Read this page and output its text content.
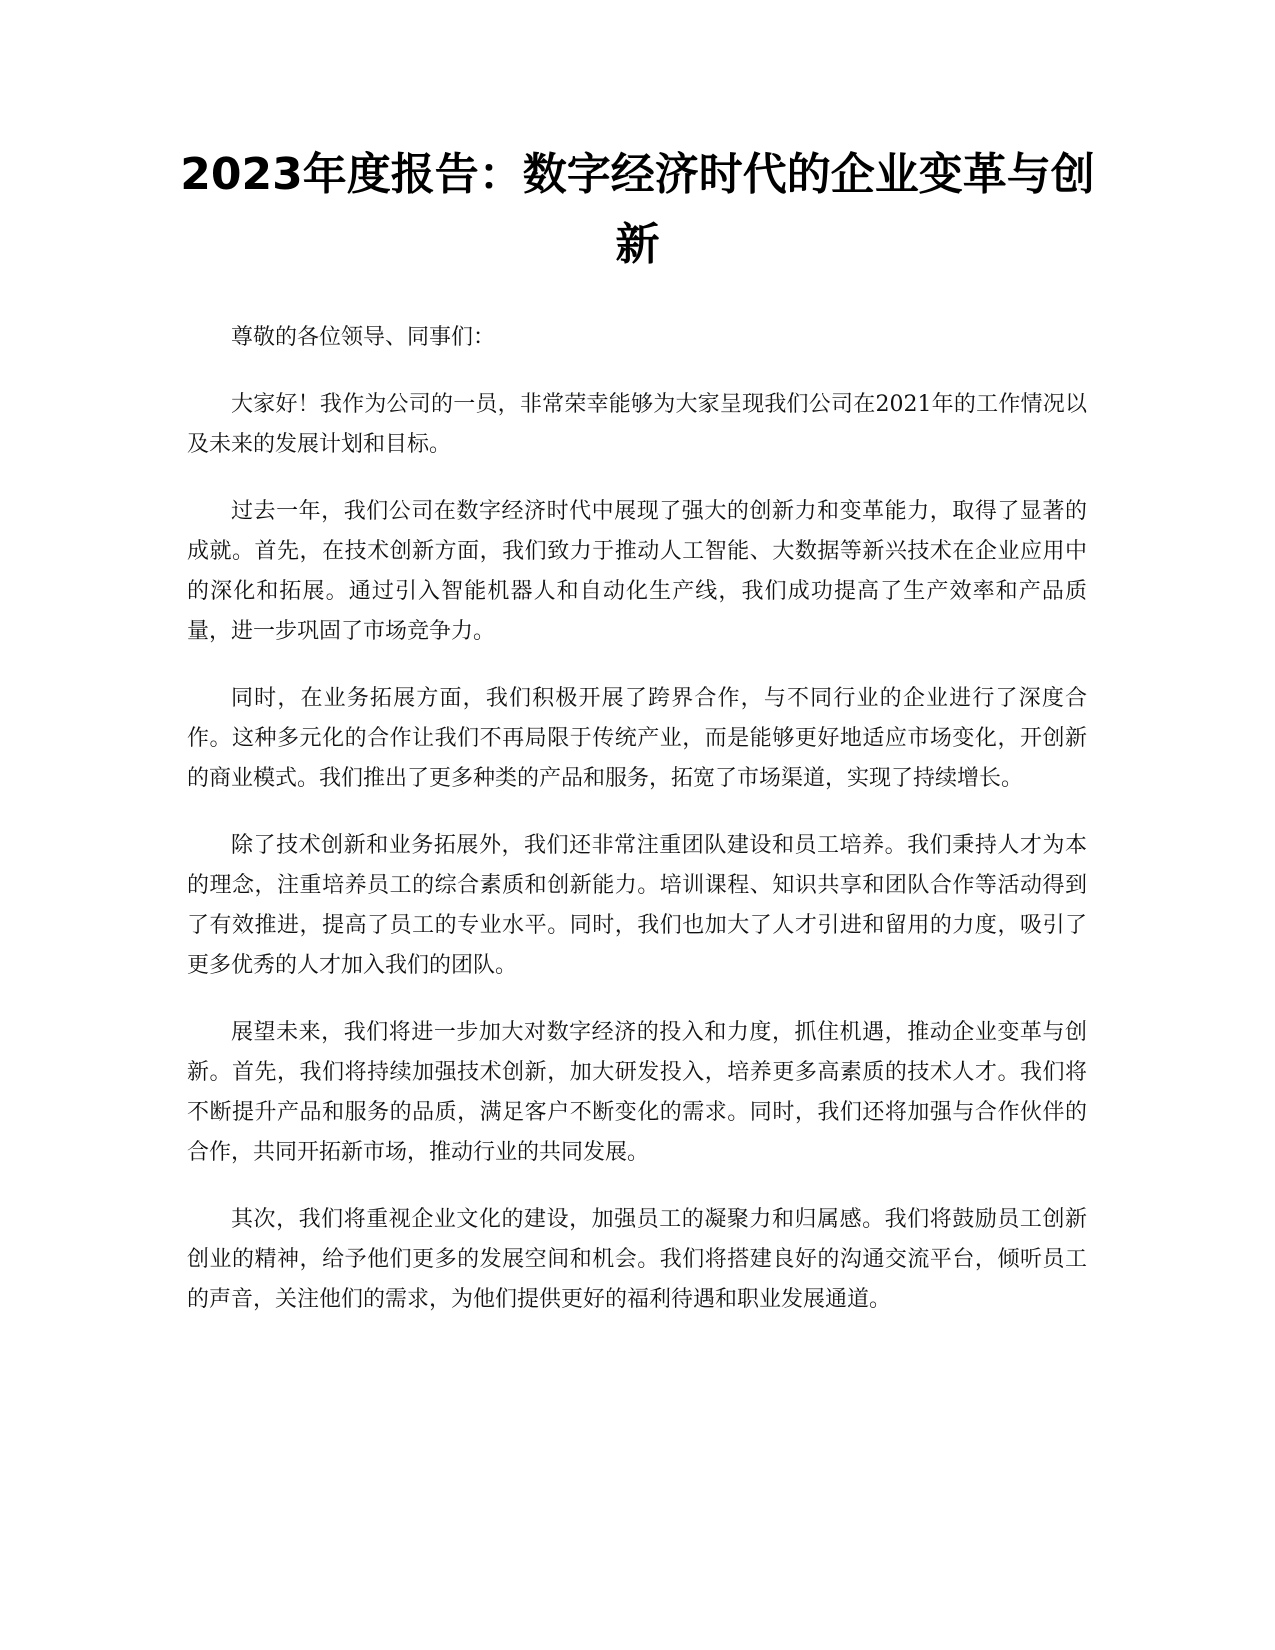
2023年度报告：数字经济时代的企业变革与创新

尊敬的各位领导、同事们：

大家好！我作为公司的一员，非常荣幸能够为大家呈现我们公司在2021年的工作情况以及未来的发展计划和目标。

过去一年，我们公司在数字经济时代中展现了强大的创新力和变革能力，取得了显著的成就。首先，在技术创新方面，我们致力于推动人工智能、大数据等新兴技术在企业应用中的深化和拓展。通过引入智能机器人和自动化生产线，我们成功提高了生产效率和产品质量，进一步巩固了市场竞争力。

同时，在业务拓展方面，我们积极开展了跨界合作，与不同行业的企业进行了深度合作。这种多元化的合作让我们不再局限于传统产业，而是能够更好地适应市场变化，开创新的商业模式。我们推出了更多种类的产品和服务，拓宽了市场渠道，实现了持续增长。

除了技术创新和业务拓展外，我们还非常注重团队建设和员工培养。我们秉持人才为本的理念，注重培养员工的综合素质和创新能力。培训课程、知识共享和团队合作等活动得到了有效推进，提高了员工的专业水平。同时，我们也加大了人才引进和留用的力度，吸引了更多优秀的人才加入我们的团队。

展望未来，我们将进一步加大对数字经济的投入和力度，抓住机遇，推动企业变革与创新。首先，我们将持续加强技术创新，加大研发投入，培养更多高素质的技术人才。我们将不断提升产品和服务的品质，满足客户不断变化的需求。同时，我们还将加强与合作伙伴的合作，共同开拓新市场，推动行业的共同发展。

其次，我们将重视企业文化的建设，加强员工的凝聚力和归属感。我们将鼓励员工创新创业的精神，给予他们更多的发展空间和机会。我们将搭建良好的沟通交流平台，倾听员工的声音，关注他们的需求，为他们提供更好的福利待遇和职业发展通道。
